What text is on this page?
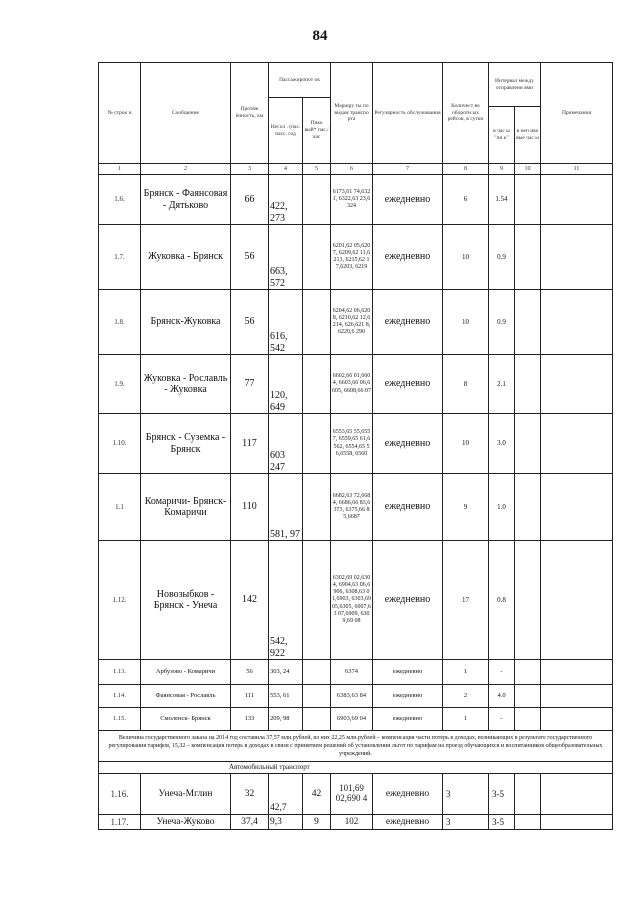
84
№ строк и	Сообщение	Протяж ённость, км	Пассажиропот ок		Маршру ты по видам транспо рта	Регулярность обслуживания	Количест во оборотн ых рейсов, в сутки	Интервал между отправлени ями		Примечания
			Несол . (пас. пасс. год	Пико вый* пас./ час						
								в час ы "пи к"	в неп ико вые час ы	
1	2	3	4	5	6	7	8	9	10	11
1.6.	Брянск - Фаянсовая - Дятьково	66	422, 273		6173,61 74,6321, 6322,63 23,6324	ежедневно	6	1.54		
1.7.	Жуковка - Брянск	56	663, 572		6201,62 05,6207, 6209,62 11,6213, 6215,62 17,6203, 6219	ежедневно	10	0.9		
1.8.	Брянск-Жуковка	56	616, 542		6204,62 06,6208, 6210,62 12,6214, 626,621 8,6220,6 290	ежедневно	10	0.9		
1.9.	Жуковка - Рославль - Жуковка	77	120, 649		6602,66 01,6604, 6603,66 06,6605, 6608,66 07	ежедневно	8	2.1		
1.10.	Брянск - Суземка - Брянск	117	603 247		6553,65 55,6557, 6559,65 61,6562, 6554,65 56,6558, 6560	ежедневно	10	3.0		
1.1	Комаричи- Брянск- Комаричи	110	581, 97		6682,63 72,6684, 6686,66 83,6373, 6375,66 85,6687	ежедневно	9	1.0		
1.12.	Новозыбков - Брянск - Унеча	142	542, 922		6302,69 02,6304, 6904,63 06,6906, 6308,63 01,6903, 6303,69 05,6305, 6907,63 07,6909, 6309,69 08	ежедневно	17	0.8		
1.13.	Арбузово - Комаричи	56	303, 24		6374	ежедневно	1	-		
1.14.	Фаянсовая - Рославль	111	553, 61		6383,63 84	ежедневно	2	4.0		
1.15.	Смоленск- Брянск	133	209, 98		6903,69 04	ежедневно	1	-		
Величина государственного заказа на 2014 год составила 37,57 млн.рублей, из них 22,25 млн.рублей – компенсация части потерь в доходах, возникающих в результате государственного регулирования тарифов, 15,32 – компенсация потерь в доходах в связи с принятием решений об установлении льгот по тарифам на проезд обучающихся и воспитанников общеобразовательных учреждений.										
Автомобильный транспорт										
1.16.	Унеча-Мглин	32	42,7	42	101,69 02,690 4	ежедневно	3	3-5		
1.17.	Унеча-Жуково	37,4	9,3	9	102	ежедневно	3	3-5		
